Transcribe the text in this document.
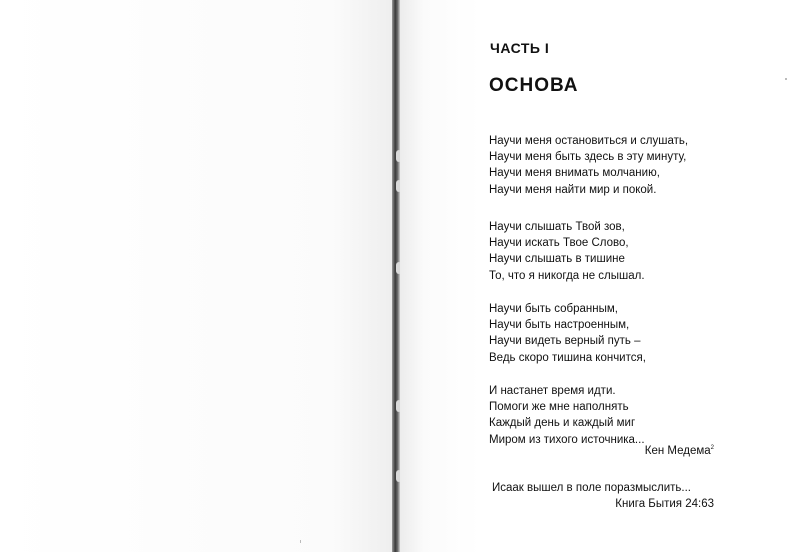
ЧАСТЬ I
ОСНОВА
Научи меня остановиться и слушать,
Научи меня быть здесь в эту минуту,
Научи меня внимать молчанию,
Научи меня найти мир и покой.
Научи слышать Твой зов,
Научи искать Твое Слово,
Научи слышать в тишине
То, что я никогда не слышал.
Научи быть собранным,
Научи быть настроенным,
Научи видеть верный путь –
Ведь скоро тишина кончится,
И настанет время идти.
Помоги же мне наполнять
Каждый день и каждый миг
Миром из тихого источника...
Кен Медема$^2$
Исаак вышел в поле поразмыслить...
Книга Бытия 24:63
